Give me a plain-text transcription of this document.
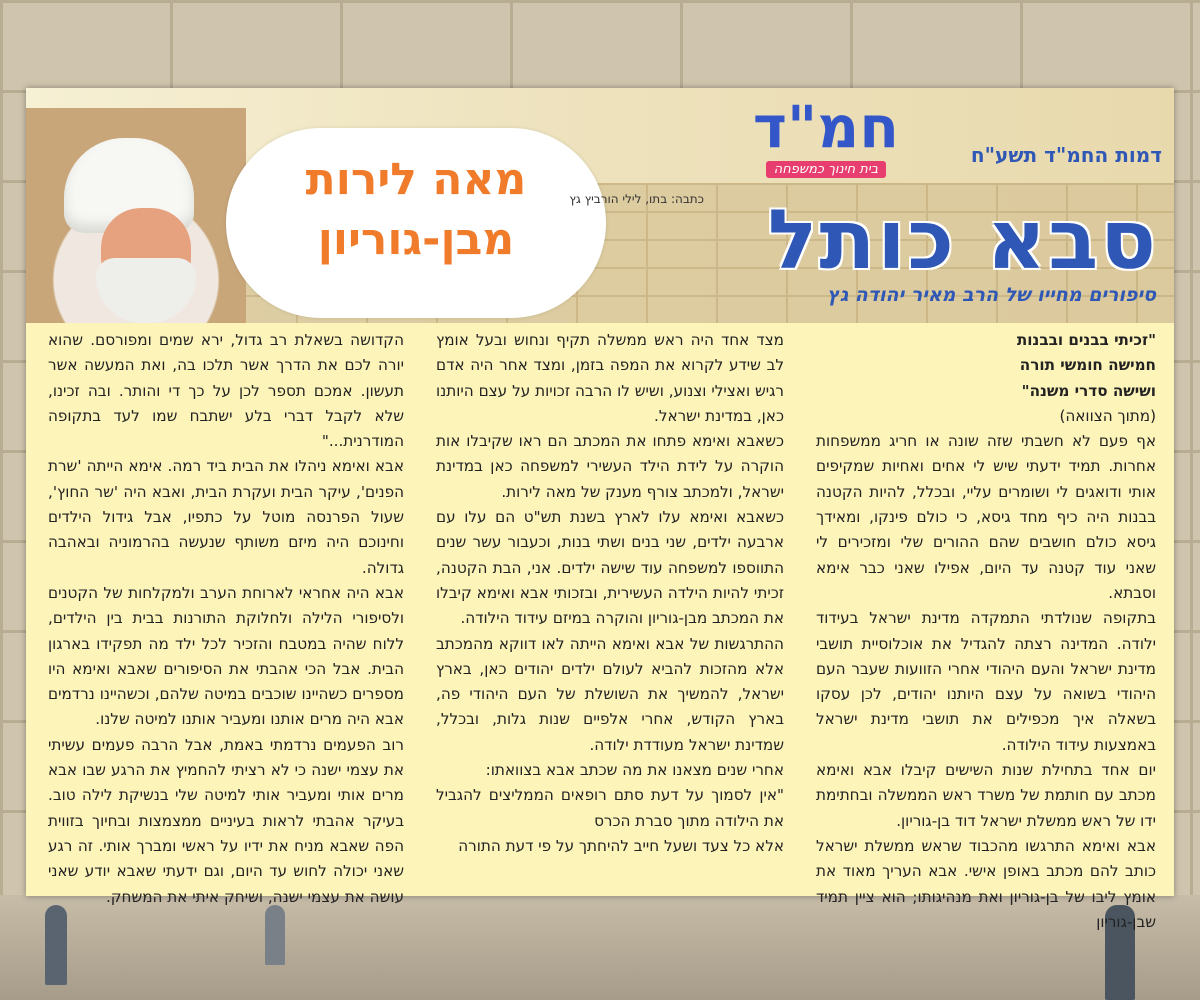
מאה לירות
מבן-גוריון
חמ"ד
בית חינוך כמשפחה
דמות החמ"ד תשע"ח
כתבה: בתו, לילי הורביץ גץ סבא כותל
סיפורים מחייו של הרב מאיר יהודה גץ

"זכיתי בבנים ובבנות

חמישה חומשי תורה

ושישה סדרי משנה"

(מתוך הצוואה)

אף פעם לא חשבתי שזה שונה או חריג ממשפחות אחרות. תמיד ידעתי שיש לי אחים ואחיות שמקיפים אותי ודואגים לי ושומרים עליי, ובכלל, להיות הקטנה בבנות היה כיף מחד גיסא, כי כולם פינקו, ומאידך גיסא כולם חושבים שהם ההורים שלי ומזכירים לי שאני עוד קטנה עד היום, אפילו שאני כבר אימא וסבתא.

בתקופה שנולדתי התמקדה מדינת ישראל בעידוד ילודה. המדינה רצתה להגדיל את אוכלוסיית תושבי מדינת ישראל והעם היהודי אחרי הזוועות שעבר העם היהודי בשואה על עצם היותנו יהודים, לכן עסקו בשאלה איך מכפילים את תושבי מדינת ישראל באמצעות עידוד הילודה.

יום אחד בתחילת שנות השישים קיבלו אבא ואימא מכתב עם חותמת של משרד ראש הממשלה ובחתימת ידו של ראש ממשלת ישראל דוד בן-גוריון.

אבא ואימא התרגשו מהכבוד שראש ממשלת ישראל כותב להם מכתב באופן אישי. אבא העריך מאוד את אומץ ליבו של בן-גוריון ואת מנהיגותו; הוא ציין תמיד שבן-גוריון

מצד אחד היה ראש ממשלה תקיף ונחוש ובעל אומץ לב שידע לקרוא את המפה בזמן, ומצד אחר היה אדם רגיש ואצילי וצנוע, ושיש לו הרבה זכויות על עצם היותנו כאן, במדינת ישראל.

כשאבא ואימא פתחו את המכתב הם ראו שקיבלו אות הוקרה על לידת הילד העשירי למשפחה כאן במדינת ישראל, ולמכתב צורף מענק של מאה לירות.

כשאבא ואימא עלו לארץ בשנת תש"ט הם עלו עם ארבעה ילדים, שני בנים ושתי בנות, וכעבור עשר שנים התווספו למשפחה עוד שישה ילדים. אני, הבת הקטנה, זכיתי להיות הילדה העשירית, ובזכותי אבא ואימא קיבלו את המכתב מבן-גוריון והוקרה במיזם עידוד הילודה.

ההתרגשות של אבא ואימא הייתה לאו דווקא מהמכתב אלא מהזכות להביא לעולם ילדים יהודים כאן, בארץ ישראל, להמשיך את השושלת של העם היהודי פה, בארץ הקודש, אחרי אלפיים שנות גלות, ובכלל, שמדינת ישראל מעודדת ילודה.

אחרי שנים מצאנו את מה שכתב אבא בצוואתו:

"אין לסמוך על דעת סתם רופאים הממליצים להגביל את הילודה מתוך סברת הכרס

אלא כל צעד ושעל חייב להיחתך על פי דעת התורה

הקדושה בשאלת רב גדול, ירא שמים ומפורסם. שהוא יורה לכם את הדרך אשר תלכו בה, ואת המעשה אשר תעשון. אמכם תספר לכן על כך די והותר. ובה זכינו, שלא לקבל דברי בלע ישתבח שמו לעד בתקופה המודרנית..."

אבא ואימא ניהלו את הבית ביד רמה. אימא הייתה 'שרת הפנים', עיקר הבית ועקרת הבית, ואבא היה 'שר החוץ', שעול הפרנסה מוטל על כתפיו, אבל גידול הילדים וחינוכם היה מיזם משותף שנעשה בהרמוניה ובאהבה גדולה.

אבא היה אחראי לארוחת הערב ולמקלחות של הקטנים ולסיפורי הלילה ולחלוקת התורנות בבית בין הילדים, ללוח שהיה במטבח והזכיר לכל ילד מה תפקידו בארגון הבית. אבל הכי אהבתי את הסיפורים שאבא ואימא היו מספרים כשהיינו שוכבים במיטה שלהם, וכשהיינו נרדמים אבא היה מרים אותנו ומעביר אותנו למיטה שלנו.

רוב הפעמים נרדמתי באמת, אבל הרבה פעמים עשיתי את עצמי ישנה כי לא רציתי להחמיץ את הרגע שבו אבא מרים אותי ומעביר אותי למיטה שלי בנשיקת לילה טוב. בעיקר אהבתי לראות בעיניים ממצמצות ובחיוך בזווית הפה שאבא מניח את ידיו על ראשי ומברך אותי. זה רגע שאני יכולה לחוש עד היום, וגם ידעתי שאבא יודע שאני עושה את עצמי ישנה, ושיחק איתי את המשחק.
